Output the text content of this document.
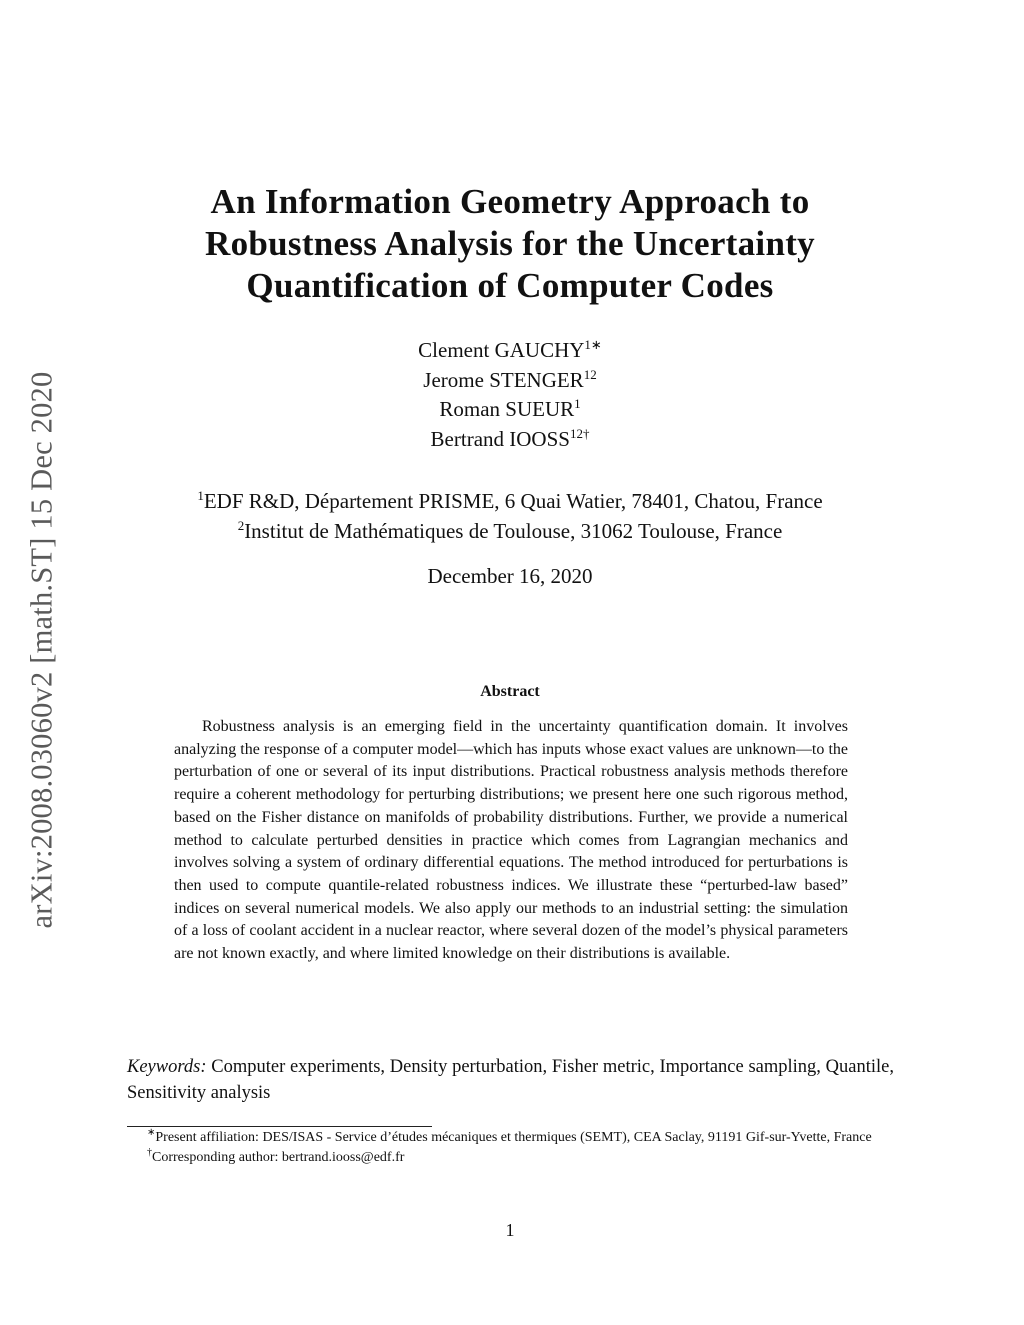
arXiv:2008.03060v2 [math.ST] 15 Dec 2020
An Information Geometry Approach to
Robustness Analysis for the Uncertainty
Quantification of Computer Codes
Clement $GAUCHY^{1∗}$
Jerome STENGER$^{12}$
Roman SUEUR$^1$
Bertrand $IOOSS^{12\dagger}$
$^1$EDF R&D, Département PRISME, 6 Quai Watier, 78401, Chatou, France
$^2$Institut de Mathématiques de Toulouse, 31062 Toulouse, France
December 16, 2020
Abstract

Robustness analysis is an emerging field in the uncertainty quantification domain. It involves analyzing the response of a computer model—which has inputs whose exact values are unknown—to the perturbation of one or several of its input distributions. Practical robustness analysis methods therefore require a coherent methodology for perturbing distributions; we present here one such rigorous method, based on the Fisher distance on manifolds of probability distributions. Further, we provide a numerical method to calculate perturbed densities in practice which comes from Lagrangian mechanics and involves solving a system of ordinary differential equations. The method introduced for perturbations is then used to compute quantile-related robustness indices. We illustrate these “perturbed-law based” indices on several numerical models. We also apply our methods to an industrial setting: the simulation of a loss of coolant accident in a nuclear reactor, where several dozen of the model’s physical parameters are not known exactly, and where limited knowledge on their distributions is available.

Keywords: Computer experiments, Density perturbation, Fisher metric, Importance sampling, Quantile, Sensitivity analysis

∗Present affiliation: DES/ISAS - Service d’études mécaniques et thermiques (SEMT), CEA Saclay, 91191 Gif-sur-Yvette, France

†Corresponding author: bertrand.iooss@edf.fr

1
